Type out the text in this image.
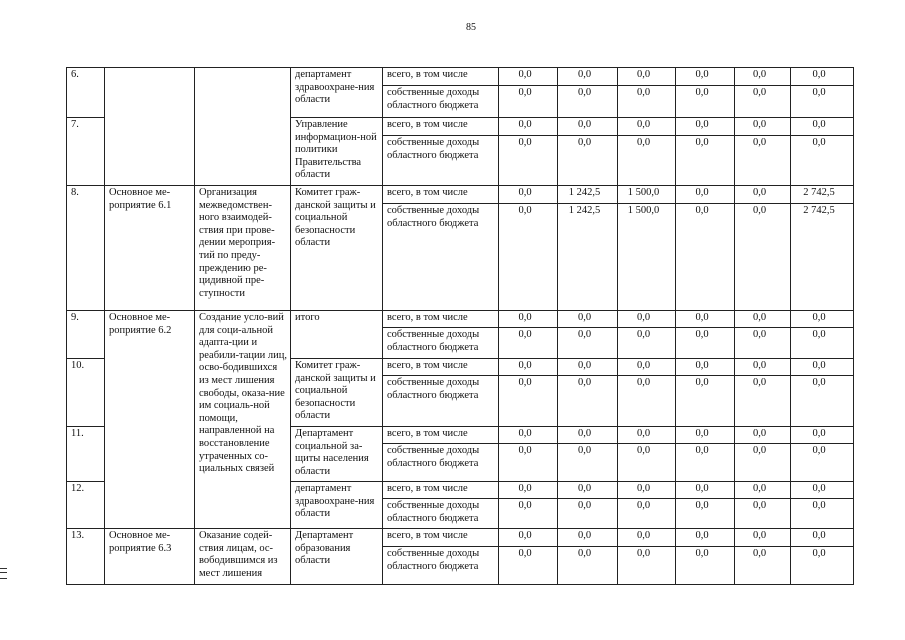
85
6.			департамент здравоохране-ния области	всего, в том числе	0,0	0,0	0,0	0,0	0,0	0,0
				собственные доходы областного бюджета	0,0	0,0	0,0	0,0	0,0	0,0
7.			Управление информацион-ной политики Правительства области	всего, в том числе	0,0	0,0	0,0	0,0	0,0	0,0
				собственные доходы областного бюджета	0,0	0,0	0,0	0,0	0,0	0,0
8.	Основное ме-роприятие 6.1	Организация межведомствен-ного взаимодей-ствия при прове-дении мероприя-тий по преду-преждению ре-цидивной пре-ступности	Комитет граж-данской защиты и социальной безопасности области	всего, в том числе	0,0	1 242,5	1 500,0	0,0	0,0	2 742,5
				собственные доходы областного бюджета	0,0	1 242,5	1 500,0	0,0	0,0	2 742,5
9.	Основное ме-роприятие 6.2	Создание усло-вий для соци-альной адапта-ции и реабили-тации лиц, осво-бодившихся из мест лишения свободы, оказа-ние им социаль-ной помощи, направленной на восстановление утраченных со-циальных связей	итого	всего, в том числе	0,0	0,0	0,0	0,0	0,0	0,0
				собственные доходы областного бюджета	0,0	0,0	0,0	0,0	0,0	0,0
10.			Комитет граж-данской защиты и социальной безопасности области	всего, в том числе	0,0	0,0	0,0	0,0	0,0	0,0
				собственные доходы областного бюджета	0,0	0,0	0,0	0,0	0,0	0,0
11.			Департамент социальной за-щиты населения области	всего, в том числе	0,0	0,0	0,0	0,0	0,0	0,0
				собственные доходы областного бюджета	0,0	0,0	0,0	0,0	0,0	0,0
12.			департамент здравоохране-ния области	всего, в том числе	0,0	0,0	0,0	0,0	0,0	0,0
				собственные доходы областного бюджета	0,0	0,0	0,0	0,0	0,0	0,0
13.	Основное ме-роприятие 6.3	Оказание содей-ствия лицам, ос-вободившимся из мест лишения	Департамент образования области	всего, в том числе	0,0	0,0	0,0	0,0	0,0	0,0
				собственные доходы областного бюджета	0,0	0,0	0,0	0,0	0,0	0,0
